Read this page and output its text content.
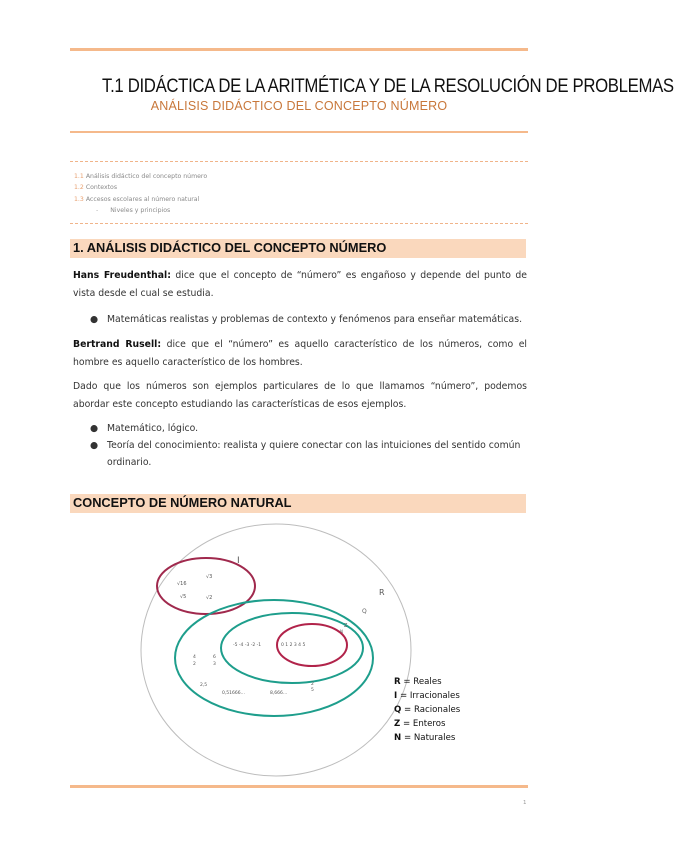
T.1 DIDÁCTICA DE LA ARITMÉTICA Y DE LA RESOLUCIÓN DE PROBLEMAS
ANÁLISIS DIDÁCTICO DEL CONCEPTO NÚMERO
1.1 Análisis didáctico del concepto número
1.2 Contextos
1.3 Accesos escolares al número natural
- Niveles y principios
1. ANÁLISIS DIDÁCTICO DEL CONCEPTO NÚMERO
Hans Freudenthal: dice que el concepto de “número” es engañoso y depende del punto de vista desde el cual se estudia.
● Matemáticas realistas y problemas de contexto y fenómenos para enseñar matemáticas.
Bertrand Rusell: dice que el “número” es aquello característico de los números, como el hombre es aquello característico de los hombres.
Dado que los números son ejemplos particulares de lo que llamamos “número”, podemos abordar este concepto estudiando las características de esos ejemplos.
● Matemático, lógico.
● Teoría del conocimiento: realista y quiere conectar con las intuiciones del sentido común ordinario.
CONCEPTO DE NÚMERO NATURAL
I
R
Q
Z
N
√16
√3
√5	√2
-5 -4 -3 -2 -1	0 1 2 3 4 5
4
2
6
3
2,5
0,51666...	8,666...
2
5
R = Reales
I = Irracionales
Q = Racionales
Z = Enteros
N = Naturales
1
